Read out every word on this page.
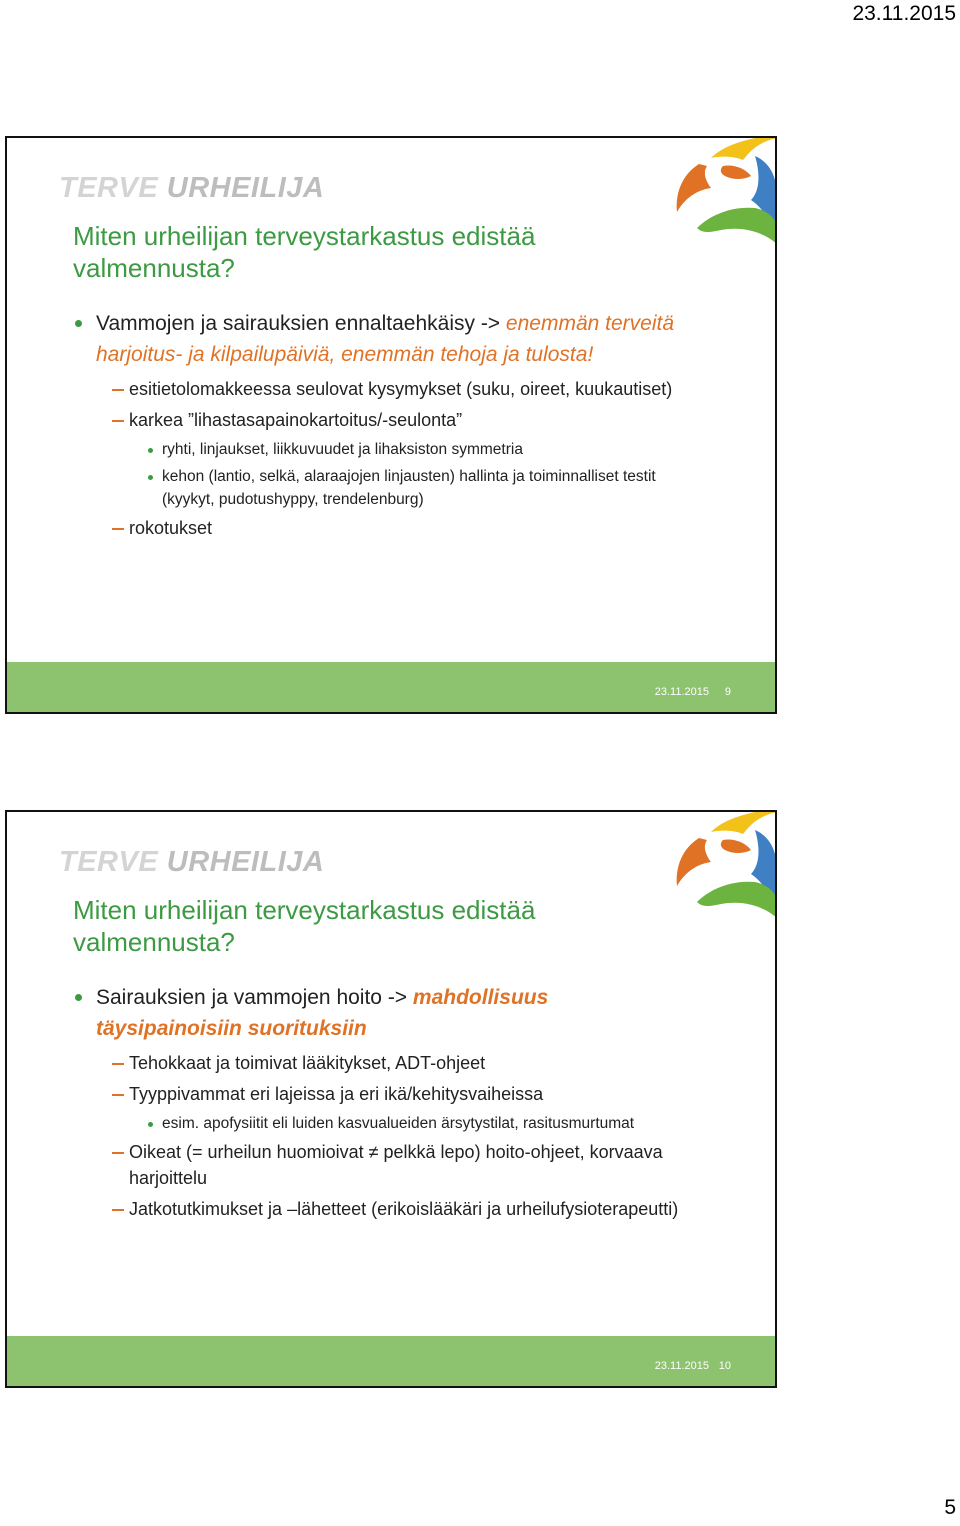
23.11.2015
TERVE URHEILIJA
Miten urheilijan terveystarkastus edistää valmennusta?
Vammojen ja sairauksien ennaltaehkäisy -> enemmän terveitä harjoitus- ja kilpailupäiviä, enemmän tehoja ja tulosta!
esitietolomakkeessa seulovat kysymykset (suku, oireet, kuukautiset)
karkea ”lihastasapainokartoitus/-seulonta”
ryhti, linjaukset, liikkuvuudet ja lihaksiston symmetria
kehon (lantio, selkä, alaraajojen linjausten) hallinta ja toiminnalliset testit (kyykyt, pudotushyppy, trendelenburg)
rokotukset
23.11.2015 9
TERVE URHEILIJA
Miten urheilijan terveystarkastus edistää valmennusta?
Sairauksien ja vammojen hoito -> mahdollisuus täysipainoisiin suorituksiin
Tehokkaat ja toimivat lääkitykset, ADT-ohjeet
Tyyppivammat eri lajeissa ja eri ikä/kehitysvaiheissa
esim. apofysiitit eli luiden kasvualueiden ärsytystilat, rasitusmurtumat
Oikeat (= urheilun huomioivat ≠ pelkkä lepo) hoito-ohjeet, korvaava harjoittelu
Jatkotutkimukset ja –lähetteet (erikoislääkäri ja urheilufysioterapeutti)
23.11.2015 10
5
